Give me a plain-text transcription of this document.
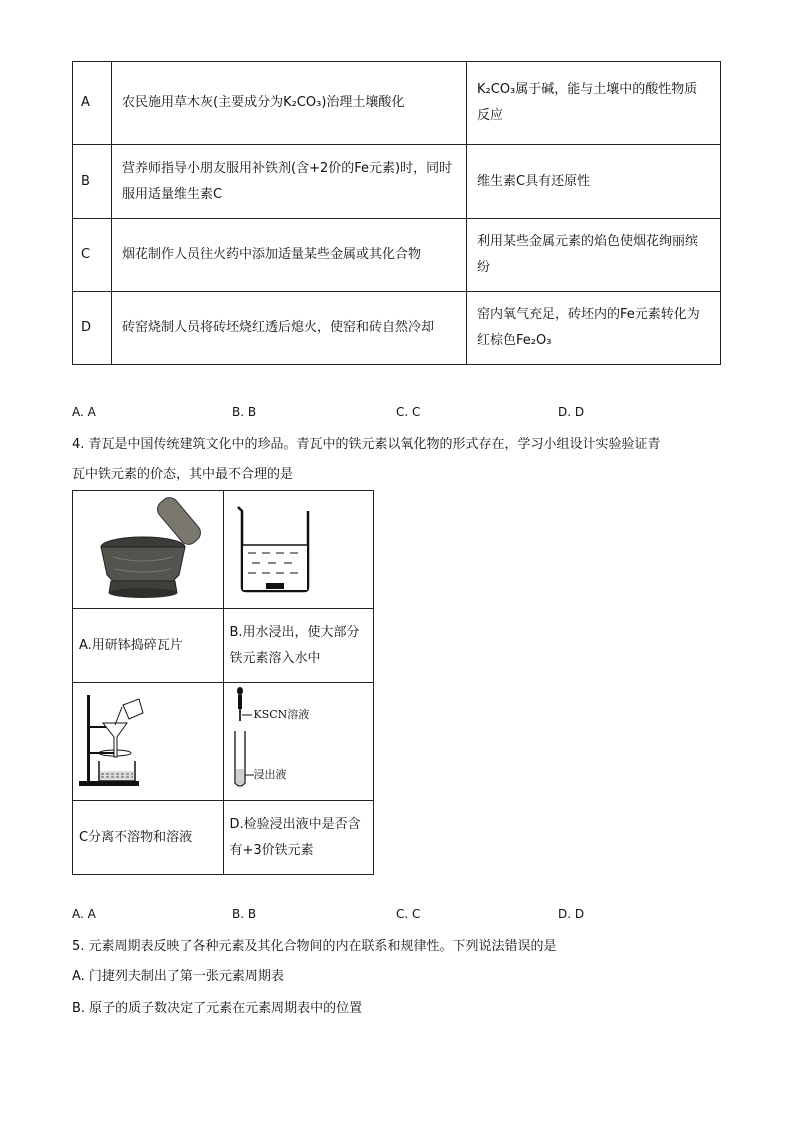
A	农民施用草木灰(主要成分为K₂CO₃)治理土壤酸化	K₂CO₃属于碱，能与土壤中的酸性物质反应
B	营养师指导小朋友服用补铁剂(含+2价的Fe元素)时，同时服用适量维生素C	维生素C具有还原性
C	烟花制作人员往火药中添加适量某些金属或其化合物	利用某些金属元素的焰色使烟花绚丽缤纷
D	砖窑烧制人员将砖坯烧红透后熄火，使窑和砖自然冷却	窑内氧气充足，砖坯内的Fe元素转化为红棕色Fe₂O₃
A. A	B. B	C. C	D. D
4. 青瓦是中国传统建筑文化中的珍品。青瓦中的铁元素以氧化物的形式存在，学习小组设计实验验证青
瓦中铁元素的价态，其中最不合理的是

A.用研钵捣碎瓦片	B.用水浸出，使大部分铁元素溶入水中

KSCN溶液
浸出液

C分离不溶物和溶液	D.检验浸出液中是否含有+3价铁元素
A. A	B. B	C. C	D. D
5. 元素周期表反映了各种元素及其化合物间的内在联系和规律性。下列说法错误的是
A. 门捷列夫制出了第一张元素周期表
B. 原子的质子数决定了元素在元素周期表中的位置
